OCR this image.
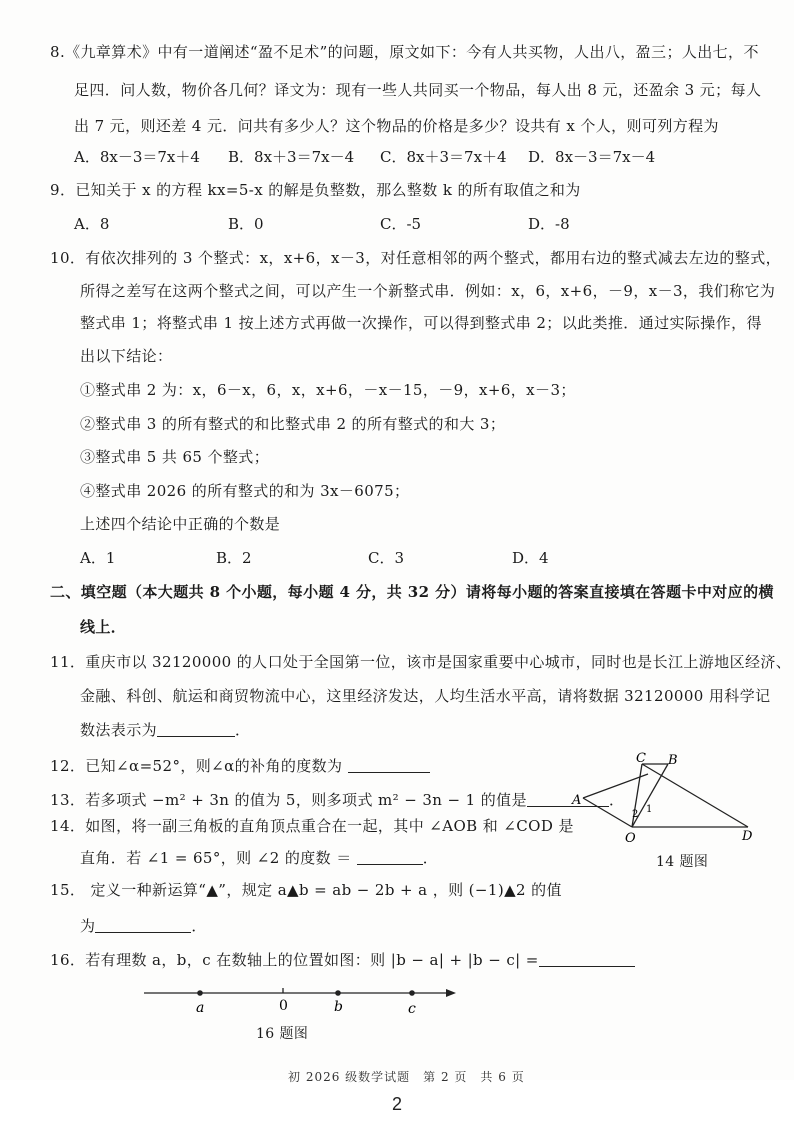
8.《九章算术》中有一道阐述“盈不足术”的问题，原文如下：今有人共买物，人出八，盈三；人出七，不
足四．问人数，物价各几何？译文为：现有一些人共同买一个物品，每人出 8 元，还盈余 3 元；每人
出 7 元，则还差 4 元．问共有多少人？这个物品的价格是多少？设共有 x 个人，则可列方程为
A．8x－3＝7x＋4 B．8x＋3＝7x－4 C．8x＋3＝7x＋4 D．8x－3＝7x－4
9．已知关于 x 的方程 kx=5-x 的解是负整数，那么整数 k 的所有取值之和为
A．8	B．0	C．-5	D．-8
10．有依次排列的 3 个整式：x，x+6，x－3，对任意相邻的两个整式，都用右边的整式减去左边的整式，
所得之差写在这两个整式之间，可以产生一个新整式串．例如：x，6，x+6，－9，x－3，我们称它为
整式串 1；将整式串 1 按上述方式再做一次操作，可以得到整式串 2；以此类推．通过实际操作，得
出以下结论：
①整式串 2 为：x，6－x，6，x，x+6，－x－15，－9，x+6，x－3；
②整式串 3 的所有整式的和比整式串 2 的所有整式的和大 3；
③整式串 5 共 65 个整式；
④整式串 2026 的所有整式的和为 3x－6075；
上述四个结论中正确的个数是
A．1	B．2	C．3	D．4
二、填空题（本大题共 8 个小题，每小题 4 分，共 32 分）请将每小题的答案直接填在答题卡中对应的横
线上．
11．重庆市以 32120000 的人口处于全国第一位，该市是国家重要中心城市，同时也是长江上游地区经济、
金融、科创、航运和商贸物流中心，这里经济发达，人均生活水平高，请将数据 32120000 用科学记
数法表示为	．
12．已知∠α=52°，则∠α的补角的度数为
13．若多项式 −m² + 3n 的值为 5，则多项式 m² − 3n − 1 的值是	．
14．如图，将一副三角板的直角顶点重合在一起，其中 ∠AOB 和 ∠COD 是
直角．若 ∠1 = 65°，则 ∠2 的度数 ＝	．
C B
A
O	D
2 1
14 题图
15． 定义一种新运算“▲”，规定 a▲b = ab − 2b + a ，则 (−1)▲2 的值
为	．
16．若有理数 a，b，c 在数轴上的位置如图：则 |b − a| + |b − c| =
a	0	b	c
16 题图
初 2026 级数学试题　第 2 页　共 6 页
2
